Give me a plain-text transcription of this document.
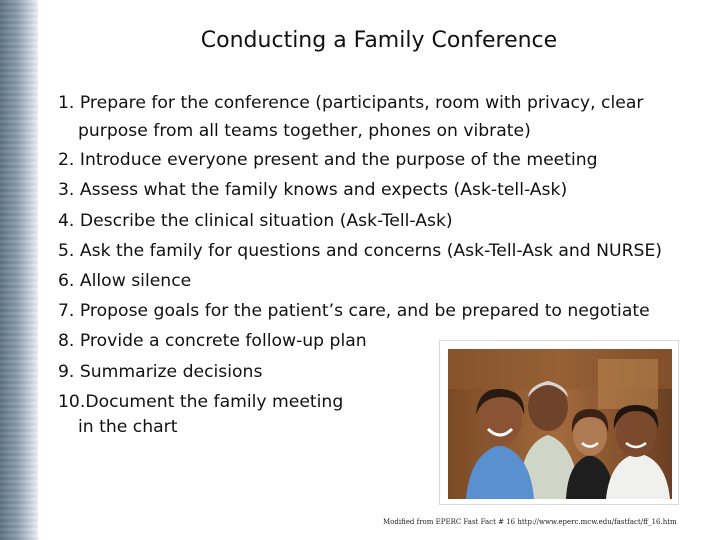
Conducting a Family Conference
1. Prepare for the conference (participants, room with privacy, clear
purpose from all teams together, phones on vibrate)
2. Introduce everyone present and the purpose of the meeting
3. Assess what the family knows and expects (Ask-tell-Ask)
4. Describe the clinical situation (Ask-Tell-Ask)
5. Ask the family for questions and concerns (Ask-Tell-Ask and NURSE)
6. Allow silence
7. Propose goals for the patient’s care, and be prepared to negotiate
8. Provide a concrete follow-up plan
9. Summarize decisions
10.Document the family meeting
in the chart
Modified from EPERC Fast Fact # 16 http://www.eperc.mcw.edu/fastfact/ff_16.htm
